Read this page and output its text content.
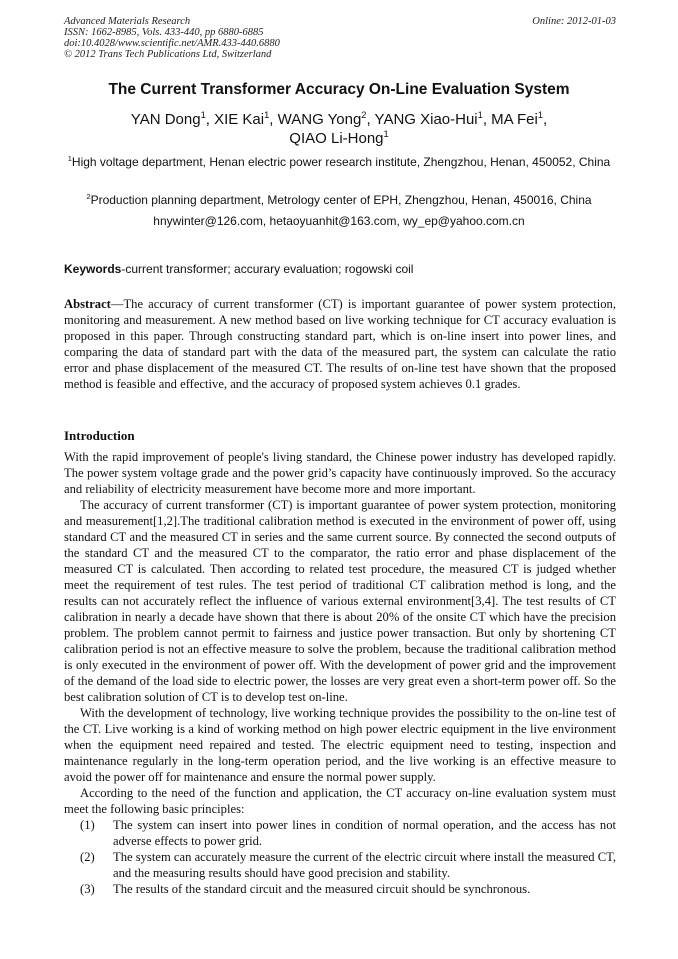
Advanced Materials Research
ISSN: 1662-8985, Vols. 433-440, pp 6880-6885
doi:10.4028/www.scientific.net/AMR.433-440.6880
© 2012 Trans Tech Publications Ltd, Switzerland
Online: 2012-01-03
The Current Transformer Accuracy On-Line Evaluation System
YAN Dong$^1$, XIE Kai$^1$, WANG Yong$^2$, YANG Xiao-Hui$^1$, MA Fei$^1$,
QIAO Li-Hong$^1$
$^1$High voltage department, Henan electric power research institute, Zhengzhou, Henan, 450052, China
$^2$Production planning department, Metrology center of EPH, Zhengzhou, Henan, 450016, China
hnywinter@126.com, hetaoyuanhit@163.com, wy_ep@yahoo.com.cn
Keywords-current transformer; accurary evaluation; rogowski coil
Abstract—The accuracy of current transformer (CT) is important guarantee of power system protection, monitoring and measurement. A new method based on live working technique for CT accuracy evaluation is proposed in this paper. Through constructing standard part, which is on-line insert into power lines, and comparing the data of standard part with the data of the measured part, the system can calculate the ratio error and phase displacement of the measured CT. The results of on-line test have shown that the proposed method is feasible and effective, and the accuracy of proposed system achieves 0.1 grades.
Introduction

With the rapid improvement of people's living standard, the Chinese power industry has developed rapidly. The power system voltage grade and the power grid’s capacity have continuously improved. So the accuracy and reliability of electricity measurement have become more and more important.

The accuracy of current transformer (CT) is important guarantee of power system protection, monitoring and measurement[1,2].The traditional calibration method is executed in the environment of power off, using standard CT and the measured CT in series and the same current source. By connected the second outputs of the standard CT and the measured CT to the comparator, the ratio error and phase displacement of the measured CT is calculated. Then according to related test procedure, the measured CT is judged whether meet the requirement of test rules. The test period of traditional CT calibration method is long, and the results can not accurately reflect the influence of various external environment[3,4]. The test results of CT calibration in nearly a decade have shown that there is about 20% of the onsite CT which have the precision problem. The problem cannot permit to fairness and justice power transaction. But only by shortening CT calibration period is not an effective measure to solve the problem, because the traditional calibration method is only executed in the environment of power off. With the development of power grid and the improvement of the demand of the load side to electric power, the losses are very great even a short-term power off. So the best calibration solution of CT is to develop test on-line.

With the development of technology, live working technique provides the possibility to the on-line test of the CT. Live working is a kind of working method on high power electric equipment in the live environment when the equipment need repaired and tested. The electric equipment need to testing, inspection and maintenance regularly in the long-term operation period, and the live working is an effective measure to avoid the power off for maintenance and ensure the normal power supply.

According to the need of the function and application, the CT accuracy on-line evaluation system must meet the following basic principles:

(1) The system can insert into power lines in condition of normal operation, and the access has not adverse effects to power grid.
(2) The system can accurately measure the current of the electric circuit where install the measured CT, and the measuring results should have good precision and stability.
(3) The results of the standard circuit and the measured circuit should be synchronous.
